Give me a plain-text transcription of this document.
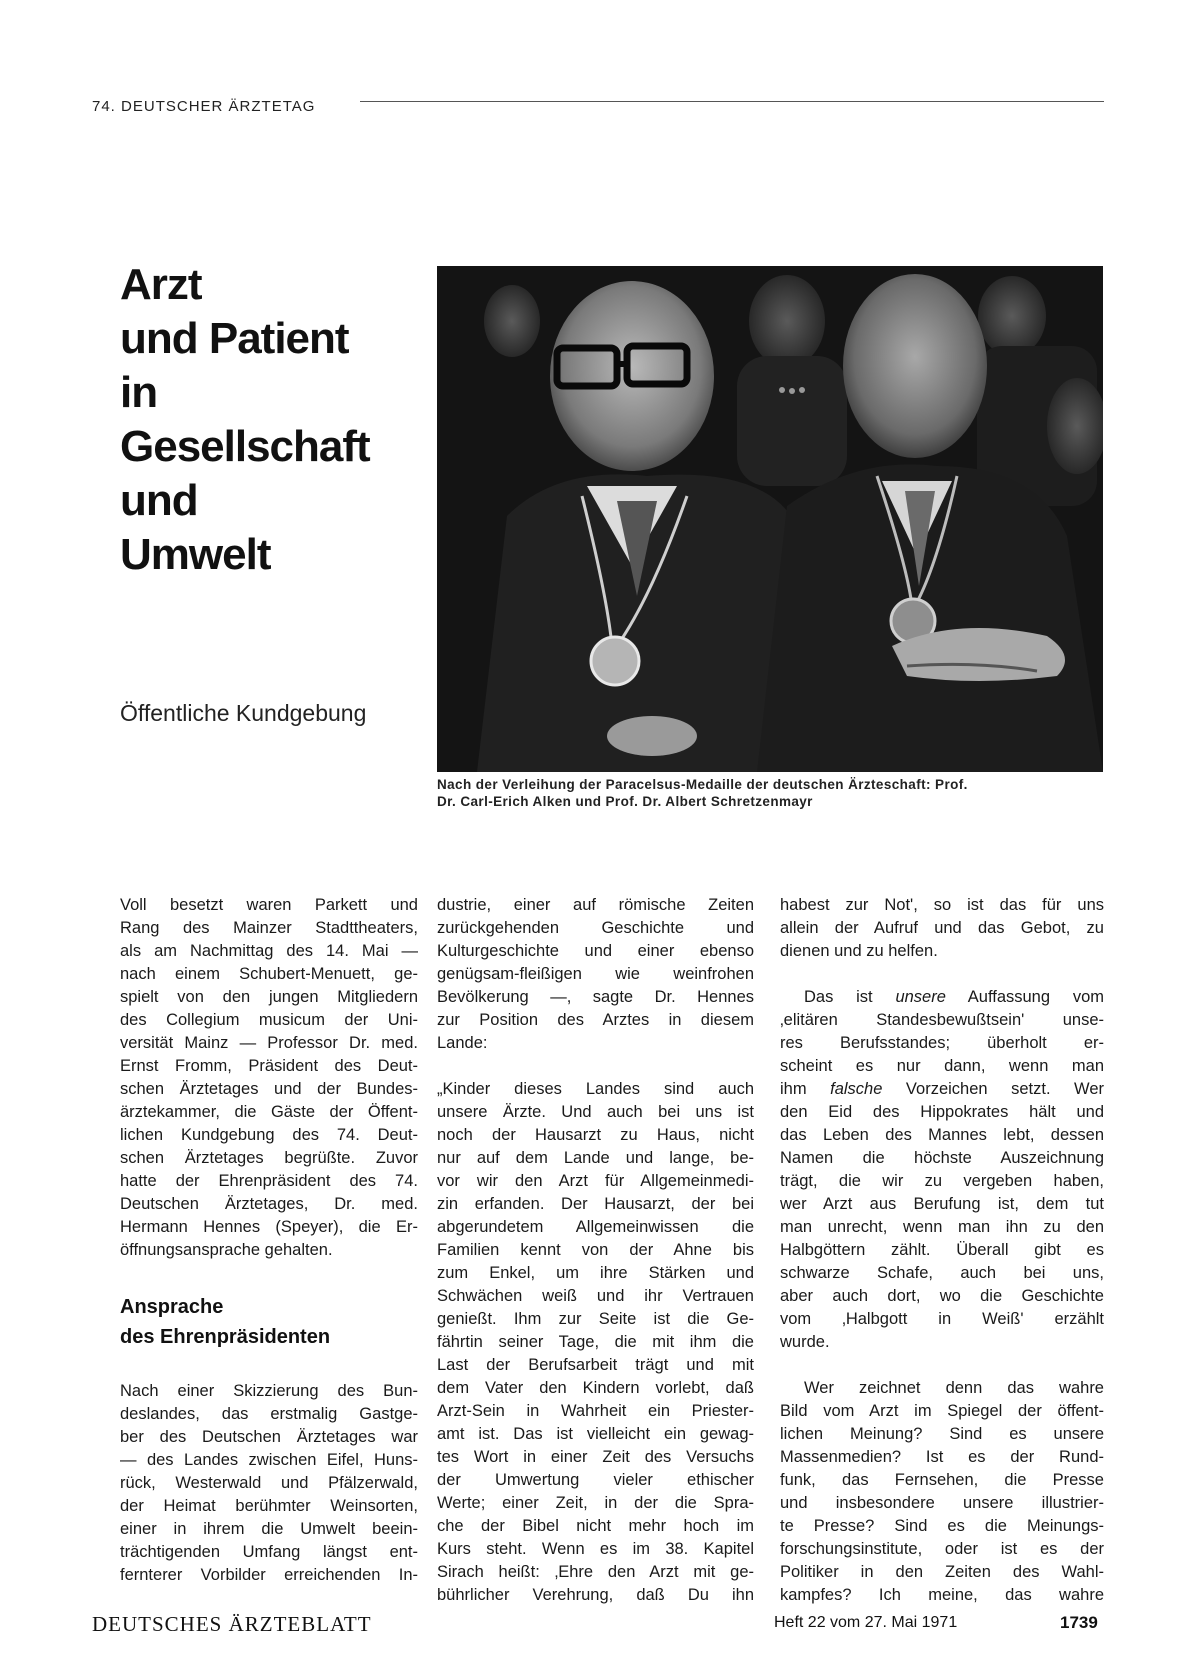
74. DEUTSCHER ÄRZTETAG
Arzt
und Patient
in
Gesellschaft
und
Umwelt
Öffentliche Kundgebung
Nach der Verleihung der Paracelsus-Medaille der deutschen Ärzteschaft: Prof.
Dr. Carl-Erich Alken und Prof. Dr. Albert Schretzenmayr
Voll besetzt waren Parkett und
Rang des Mainzer Stadttheaters,
als am Nachmittag des 14. Mai —
nach einem Schubert-Menuett, ge-
spielt von den jungen Mitgliedern
des Collegium musicum der Uni-
versität Mainz — Professor Dr. med.
Ernst Fromm, Präsident des Deut-
schen Ärztetages und der Bundes-
ärztekammer, die Gäste der Öffent-
lichen Kundgebung des 74. Deut-
schen Ärztetages begrüßte. Zuvor
hatte der Ehrenpräsident des 74.
Deutschen Ärztetages, Dr. med.
Hermann Hennes (Speyer), die Er-
öffnungsansprache gehalten.
Ansprache
des Ehrenpräsidenten
Nach einer Skizzierung des Bun-
deslandes, das erstmalig Gastge-
ber des Deutschen Ärztetages war
— des Landes zwischen Eifel, Huns-
rück, Westerwald und Pfälzerwald,
der Heimat berühmter Weinsorten,
einer in ihrem die Umwelt beein-
trächtigenden Umfang längst ent-
fernterer Vorbilder erreichenden In-
dustrie, einer auf römische Zeiten
zurückgehenden Geschichte und
Kulturgeschichte und einer ebenso
genügsam-fleißigen wie weinfrohen
Bevölkerung —, sagte Dr. Hennes
zur Position des Arztes in diesem
Lande:
„Kinder dieses Landes sind auch
unsere Ärzte. Und auch bei uns ist
noch der Hausarzt zu Haus, nicht
nur auf dem Lande und lange, be-
vor wir den Arzt für Allgemeinmedi-
zin erfanden. Der Hausarzt, der bei
abgerundetem Allgemeinwissen die
Familien kennt von der Ahne bis
zum Enkel, um ihre Stärken und
Schwächen weiß und ihr Vertrauen
genießt. Ihm zur Seite ist die Ge-
fährtin seiner Tage, die mit ihm die
Last der Berufsarbeit trägt und mit
dem Vater den Kindern vorlebt, daß
Arzt-Sein in Wahrheit ein Priester-
amt ist. Das ist vielleicht ein gewag-
tes Wort in einer Zeit des Versuchs
der Umwertung vieler ethischer
Werte; einer Zeit, in der die Spra-
che der Bibel nicht mehr hoch im
Kurs steht. Wenn es im 38. Kapitel
Sirach heißt: ‚Ehre den Arzt mit ge-
bührlicher Verehrung, daß Du ihn
habest zur Not', so ist das für uns
allein der Aufruf und das Gebot, zu
dienen und zu helfen.
Das ist unsere Auffassung vom
‚elitären Standesbewußtsein' unse-
res Berufsstandes; überholt er-
scheint es nur dann, wenn man
ihm falsche Vorzeichen setzt. Wer
den Eid des Hippokrates hält und
das Leben des Mannes lebt, dessen
Namen die höchste Auszeichnung
trägt, die wir zu vergeben haben,
wer Arzt aus Berufung ist, dem tut
man unrecht, wenn man ihn zu den
Halbgöttern zählt. Überall gibt es
schwarze Schafe, auch bei uns,
aber auch dort, wo die Geschichte
vom ‚Halbgott in Weiß' erzählt
wurde.
Wer zeichnet denn das wahre
Bild vom Arzt im Spiegel der öffent-
lichen Meinung? Sind es unsere
Massenmedien? Ist es der Rund-
funk, das Fernsehen, die Presse
und insbesondere unsere illustrier-
te Presse? Sind es die Meinungs-
forschungsinstitute, oder ist es der
Politiker in den Zeiten des Wahl-
kampfes? Ich meine, das wahre
DEUTSCHES ÄRZTEBLATT	Heft 22 vom 27. Mai 1971	1739
